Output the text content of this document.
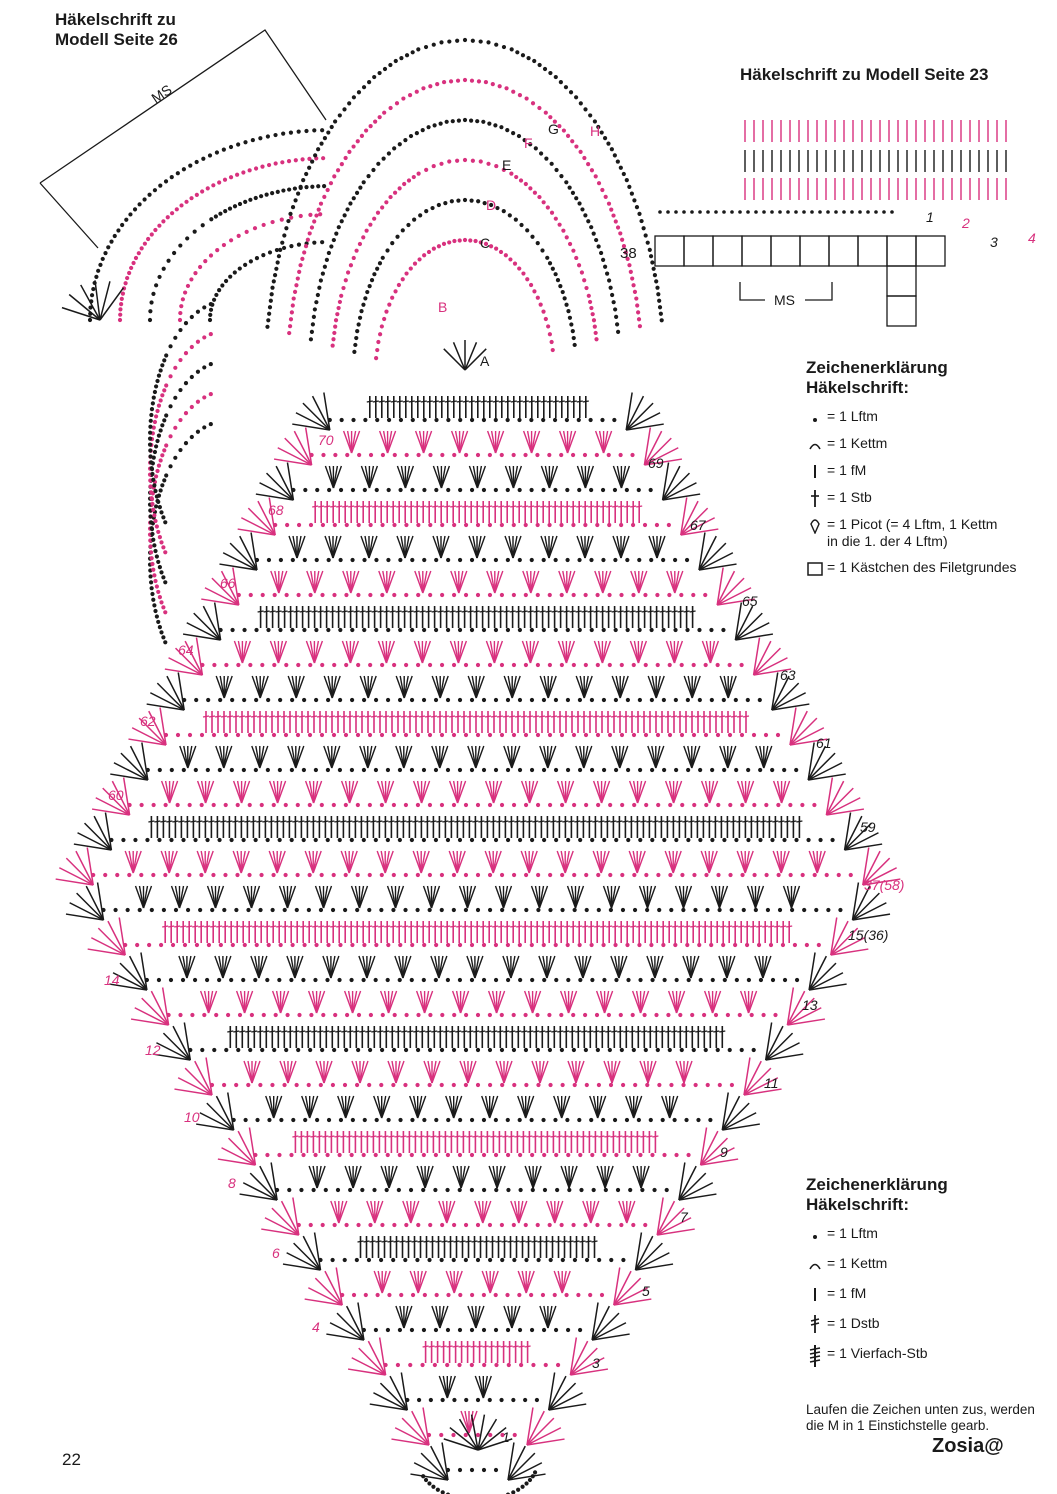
1
3
4
5
6
7
8
9
10
11
12
13
14
15(36)
37(58)
59
60
61
62
63
64
65
66
67
68
69
70
38
MS
1 2
3 4
MS
A
B
C
D
E
F
G H
Häkelschrift zu
Modell Seite 26
Häkelschrift zu Modell Seite 23
Zeichenerklärung
Häkelschrift:
= 1 Lftm
= 1 Kettm
= 1 fM
= 1 Stb
= 1 Picot (= 4 Lftm, 1 Kettm
in die 1. der 4 Lftm)
= 1 Kästchen des Filetgrundes
Zeichenerklärung
Häkelschrift:
= 1 Lftm
= 1 Kettm
= 1 fM
= 1 Dstb
= 1 Vierfach-Stb
Laufen die Zeichen unten zus, werden
die M in 1 Einstichstelle gearb.
22
Zosia@
